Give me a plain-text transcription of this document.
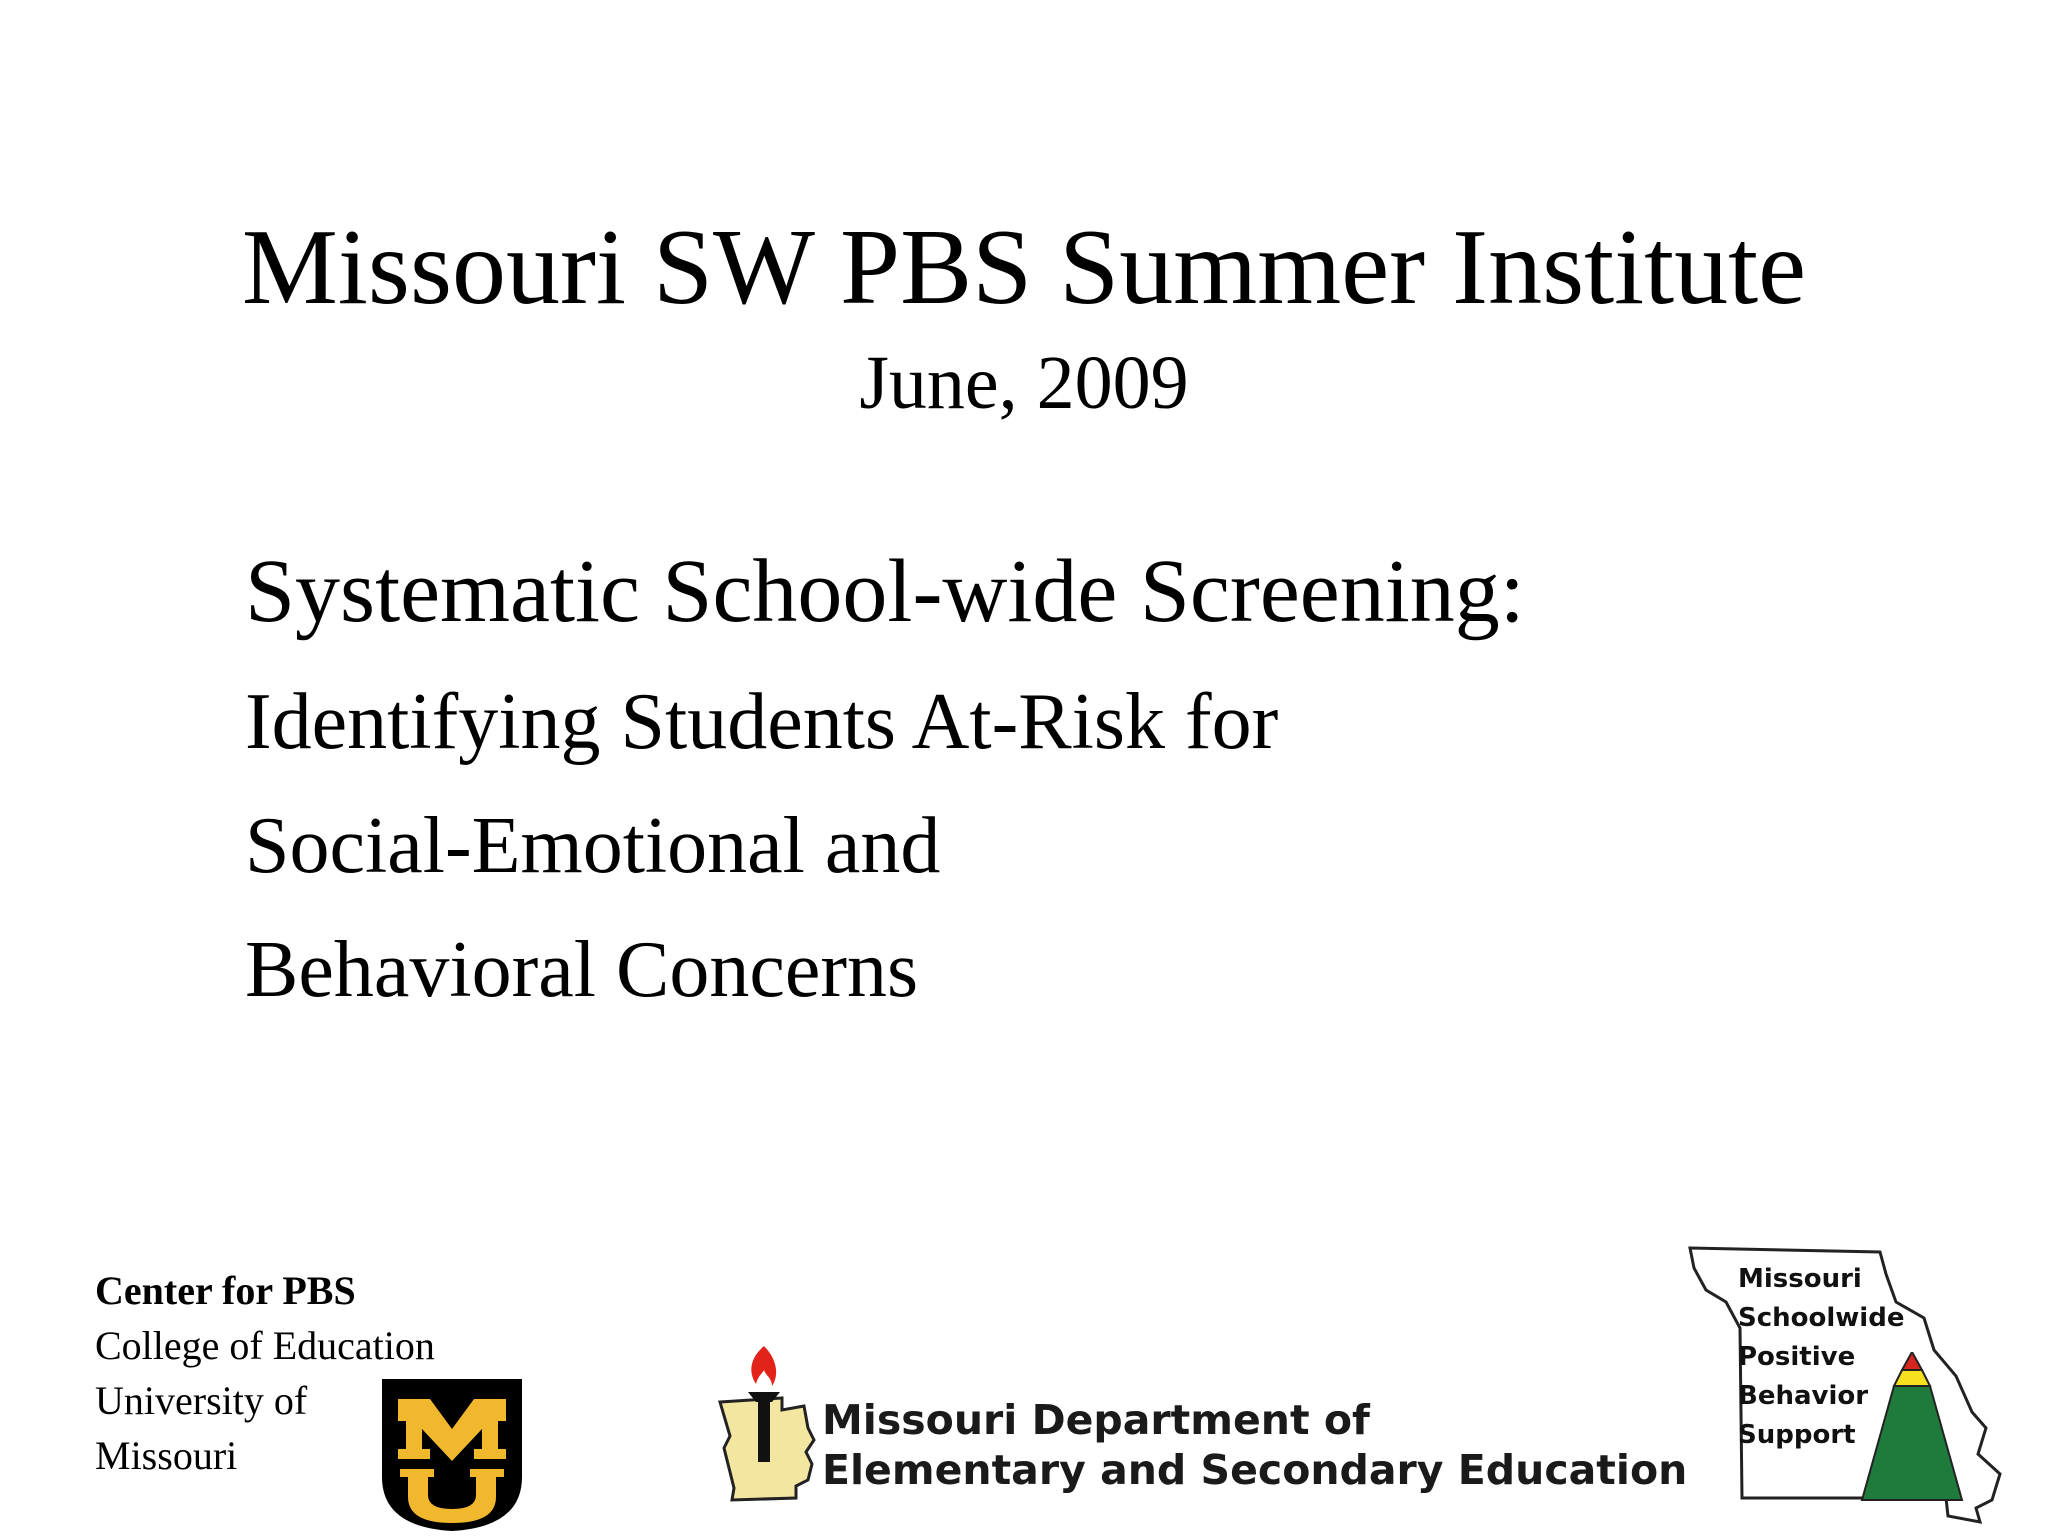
Missouri SW PBS Summer Institute
June, 2009
Systematic School-wide Screening:
Identifying Students At-Risk for
Social-Emotional and
Behavioral Concerns
Center for PBS
College of Education
University of
Missouri
Missouri Department of
Elementary and Secondary Education
Missouri
Schoolwide
Positive
Behavior
Support
